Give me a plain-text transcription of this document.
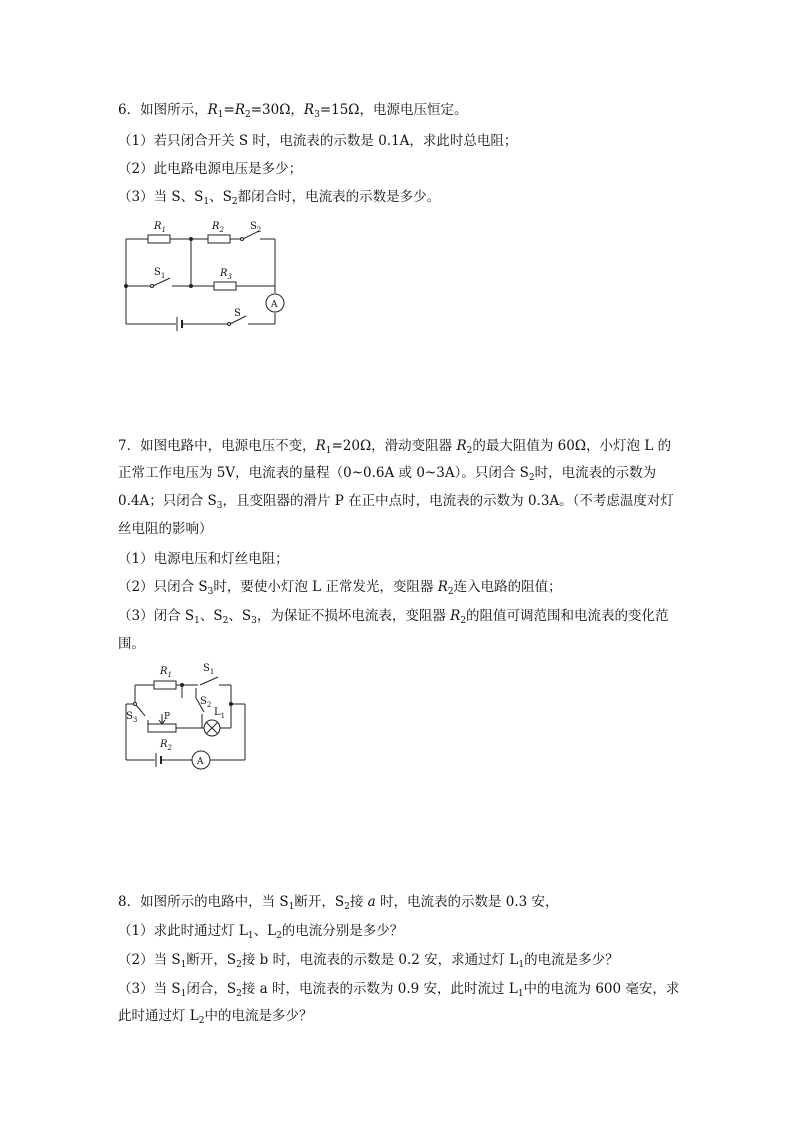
6．如图所示，$R_1=R_2=30\Omega$，$R_3=15\Omega$，电源电压恒定。
（1）若只闭合开关 S 时，电流表的示数是 0.1A，求此时总电阻；
（2）此电路电源电压是多少；
（3）当 S、$S_1$、$S_2$都闭合时，电流表的示数是多少。
$R_1$	$R_2$	$S_2$
$S_1$	$R_3$
S
A
7．如图电路中，电源电压不变，$R_1=20\Omega$，滑动变阻器 $R_2$的最大阻值为 60Ω，小灯泡 L 的
正常工作电压为 5V，电流表的量程（0~0.6A 或 0~3A）。只闭合 $S_2$时，电流表的示数为
0.4A；只闭合 $S_3$，且变阻器的滑片 P 在正中点时，电流表的示数为 0.3A。（不考虑温度对灯
丝电阻的影响）
（1）电源电压和灯丝电阻；
（2）只闭合 $S_3$时，要使小灯泡 L 正常发光，变阻器 $R_2$连入电路的阻值；
（3）闭合 $S_1$、$S_2$、$S_3$，为保证不损坏电流表，变阻器 $R_2$的阻值可调范围和电流表的变化范
围。
$R_1$
$S_1$
$S_2$
$S_3$	P
$R_2$
$L_1$
A
8．如图所示的电路中，当 $S_1$断开，$S_2$接 a 时，电流表的示数是 0.3 安，
（1）求此时通过灯 $L_1$、$L_2$的电流分别是多少？
（2）当 $S_1$断开，$S_2$接 b 时，电流表的示数是 0.2 安，求通过灯 $L_1$的电流是多少？
（3）当 $S_1$闭合，$S_2$接 a 时，电流表的示数为 0.9 安，此时流过 $L_1$中的电流为 600 毫安，求
此时通过灯 $L_2$中的电流是多少？
